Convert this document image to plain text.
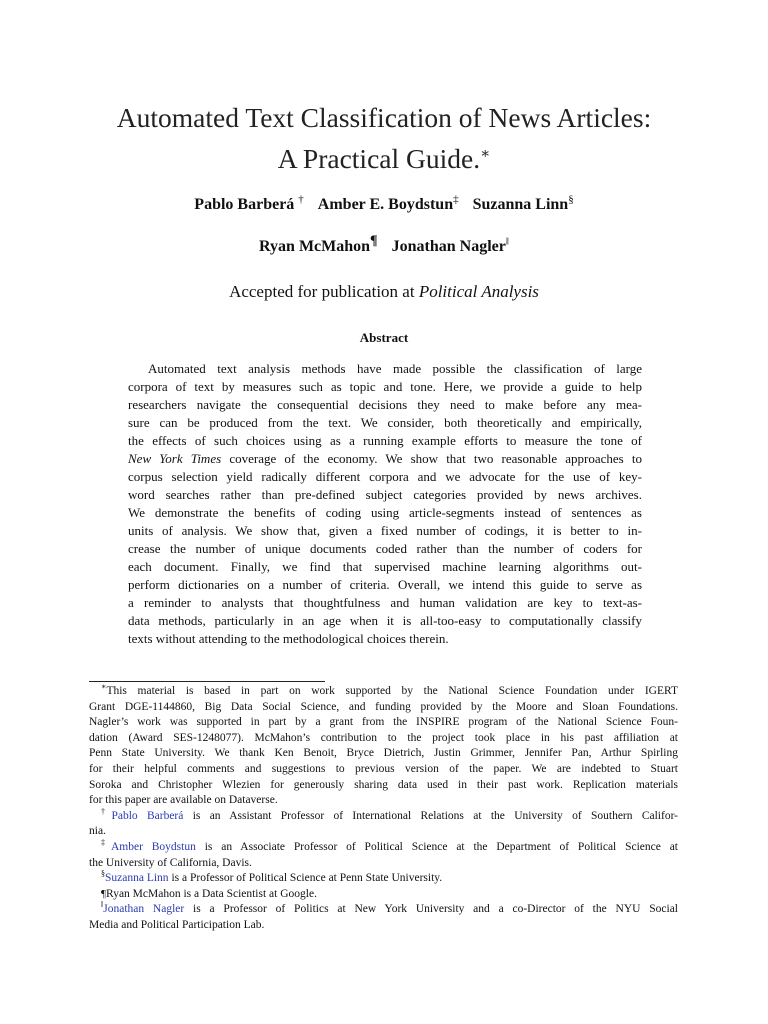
Automated Text Classification of News Articles:
A Practical Guide.∗
Pablo Barberá † Amber E. Boydstun‡ Suzanna Linn§
Ryan McMahon¶ Jonathan Nagler‖
Accepted for publication at Political Analysis
Abstract
Automated text analysis methods have made possible the classification of large
corpora of text by measures such as topic and tone. Here, we provide a guide to help
researchers navigate the consequential decisions they need to make before any mea-
sure can be produced from the text. We consider, both theoretically and empirically,
the effects of such choices using as a running example efforts to measure the tone of
New York Times coverage of the economy. We show that two reasonable approaches to
corpus selection yield radically different corpora and we advocate for the use of key-
word searches rather than pre-defined subject categories provided by news archives.
We demonstrate the benefits of coding using article-segments instead of sentences as
units of analysis. We show that, given a fixed number of codings, it is better to in-
crease the number of unique documents coded rather than the number of coders for
each document. Finally, we find that supervised machine learning algorithms out-
perform dictionaries on a number of criteria. Overall, we intend this guide to serve as
a reminder to analysts that thoughtfulness and human validation are key to text-as-
data methods, particularly in an age when it is all-too-easy to computationally classify
texts without attending to the methodological choices therein.
∗This material is based in part on work supported by the National Science Foundation under IGERT
Grant DGE-1144860, Big Data Social Science, and funding provided by the Moore and Sloan Foundations.
Nagler’s work was supported in part by a grant from the INSPIRE program of the National Science Foun-
dation (Award SES-1248077). McMahon’s contribution to the project took place in his past affiliation at
Penn State University. We thank Ken Benoit, Bryce Dietrich, Justin Grimmer, Jennifer Pan, Arthur Spirling
for their helpful comments and suggestions to previous version of the paper. We are indebted to Stuart
Soroka and Christopher Wlezien for generously sharing data used in their past work. Replication materials
for this paper are available on Dataverse.
†Pablo Barberá is an Assistant Professor of International Relations at the University of Southern Califor-
nia.
‡Amber Boydstun is an Associate Professor of Political Science at the Department of Political Science at
the University of California, Davis.
§Suzanna Linn is a Professor of Political Science at Penn State University.
¶Ryan McMahon is a Data Scientist at Google.
‖Jonathan Nagler is a Professor of Politics at New York University and a co-Director of the NYU Social
Media and Political Participation Lab.
